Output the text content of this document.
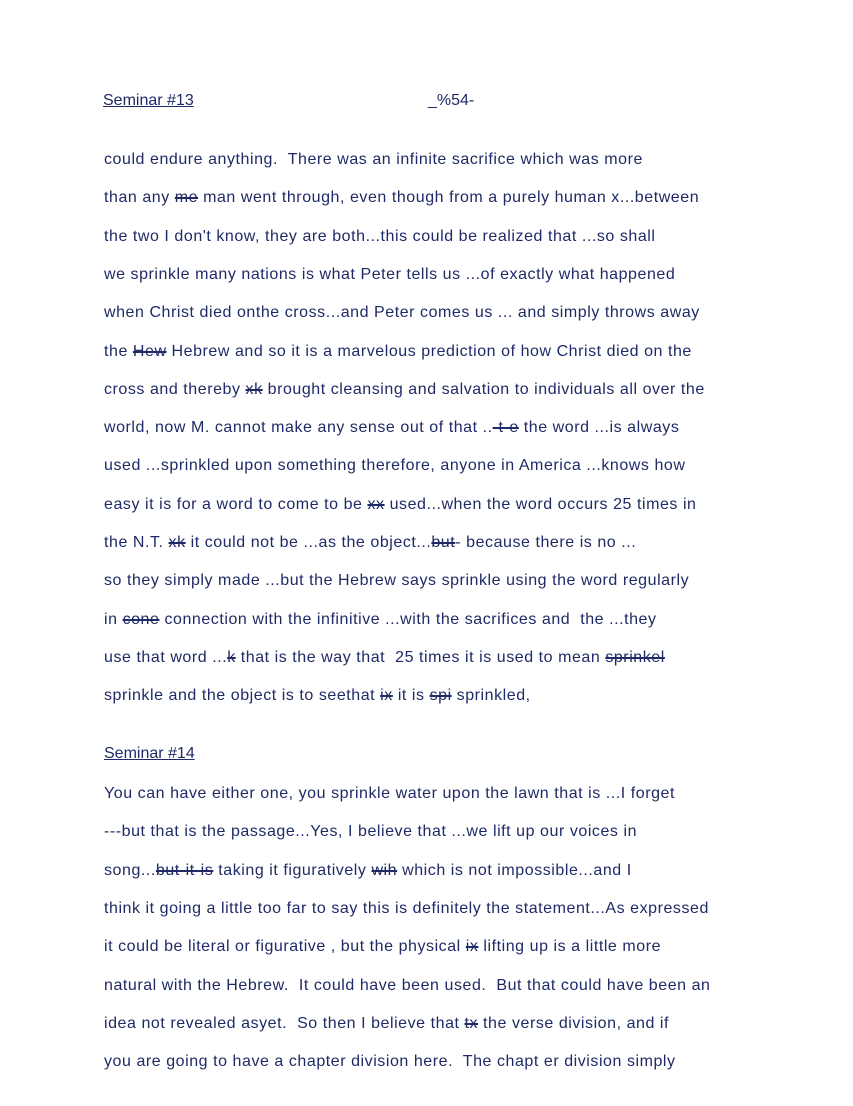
Seminar #13	_%54-
could endure anything.  There was an infinite sacrifice which was more
than any me man went through, even though from a purely human x...between
the two I don't know, they are both...this could be realized that ...so shall
we sprinkle many nations is what Peter tells us ...of exactly what happened
when Christ died onthe cross...and Peter comes us ... and simply throws away
the Hew Hebrew and so it is a marvelous prediction of how Christ died on the
cross and thereby xk brought cleansing and salvation to individuals all over the
world, now M. cannot make any sense out of that ..-t-e the word ...is always
used ...sprinkled upon something therefore, anyone in America ...knows how
easy it is for a word to come to be xx used...when the word occurs 25 times in
the N.T. xk it could not be ...as the object...but- because there is no ...
so they simply made ...but the Hebrew says sprinkle using the word regularly
in cone connection with the infinitive ...with the sacrifices and  the ...they
use that word ...k that is the way that  25 times it is used to mean sprinkel
sprinkle and the object is to seethat ix it is spi sprinkled,
Seminar #14
You can have either one, you sprinkle water upon the lawn that is ...I forget
---but that is the passage...Yes, I believe that ...we lift up our voices in
song...but-it-is taking it figuratively wih which is not impossible...and I
think it going a little too far to say this is definitely the statement...As expressed
it could be literal or figurative , but the physical ix lifting up is a little more
natural with the Hebrew.  It could have been used.  But that could have been an
idea not revealed asyet.  So then I believe that tx the verse division, and if
you are going to have a chapter division here.  The chapt er division simply
